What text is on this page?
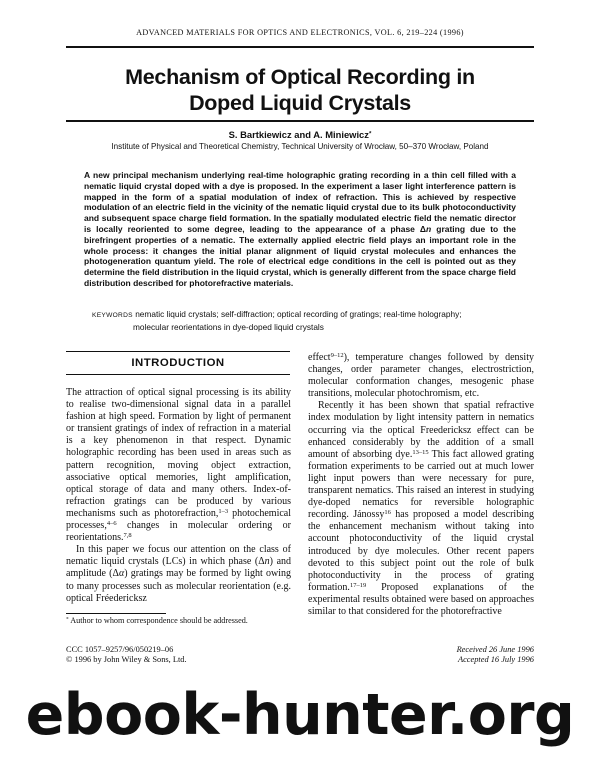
ADVANCED MATERIALS FOR OPTICS AND ELECTRONICS, VOL. 6, 219–224 (1996)
Mechanism of Optical Recording in
Doped Liquid Crystals
S. Bartkiewicz and A. Miniewicz*
Institute of Physical and Theoretical Chemistry, Technical University of Wrocław, 50–370 Wrocław, Poland
A new principal mechanism underlying real-time holographic grating recording in a thin cell filled with a nematic liquid crystal doped with a dye is proposed. In the experiment a laser light interference pattern is mapped in the form of a spatial modulation of index of refraction. This is achieved by respective modulation of an electric field in the vicinity of the nematic liquid crystal due to its bulk photoconductivity and subsequent space charge field formation. In the spatially modulated electric field the nematic director is locally reoriented to some degree, leading to the appearance of a phase Δn grating due to the birefringent properties of a nematic. The externally applied electric field plays an important role in the whole process: it changes the initial planar alignment of liquid crystal molecules and enhances the photogeneration quantum yield. The role of electrical edge conditions in the cell is pointed out as they determine the field distribution in the liquid crystal, which is generally different from the space charge field distribution described for photorefractive materials.
KEYWORDS nematic liquid crystals; self-diffraction; optical recording of gratings; real-time holography;
molecular reorientations in dye-doped liquid crystals
INTRODUCTION

The attraction of optical signal processing is its ability to realise two-dimensional signal data in a parallel fashion at high speed. Formation by light of permanent or transient gratings of index of refraction in a material is a key phenomenon in that respect. Dynamic holographic recording has been used in areas such as pattern recognition, moving object extraction, associative optical memories, light amplification, optical storage of data and many others. Index-of-refraction gratings can be produced by various mechanisms such as photorefraction,$^{1-3}$ photochemical processes,$^{4-6}$ changes in molecular ordering or reorientations.$^{7,8}$

In this paper we focus our attention on the class of nematic liquid crystals (LCs) in which phase (Δn) and amplitude (Δα) gratings may be formed by light owing to many processes such as molecular reorientation (e.g. optical Fréedericksz

effect$^{9-12}$), temperature changes followed by density changes, order parameter changes, electrostriction, molecular conformation changes, mesogenic phase transitions, molecular photochromism, etc.

Recently it has been shown that spatial refractive index modulation by light intensity pattern in nematics occurring via the optical Freedericksz effect can be enhanced considerably by the addition of a small amount of absorbing dye.$^{13-15}$ This fact allowed grating formation experiments to be carried out at much lower light input powers than were necessary for pure, transparent nematics. This raised an interest in studying dye-doped nematics for reversible holographic recording. Jánossy$^{16}$ has proposed a model describing the enhancement mechanism without taking into account photoconductivity of the liquid crystal introduced by dye molecules. Other recent papers devoted to this subject point out the role of bulk photoconductivity in the process of grating formation.$^{17-19}$ Proposed explanations of the experimental results obtained were based on approaches similar to that considered for the photorefractive

* Author to whom correspondence should be addressed.
CCC 1057–9257/96/050219–06
© 1996 by John Wiley & Sons, Ltd.
Received 26 June 1996
Accepted 16 July 1996
ebook-hunter.org
